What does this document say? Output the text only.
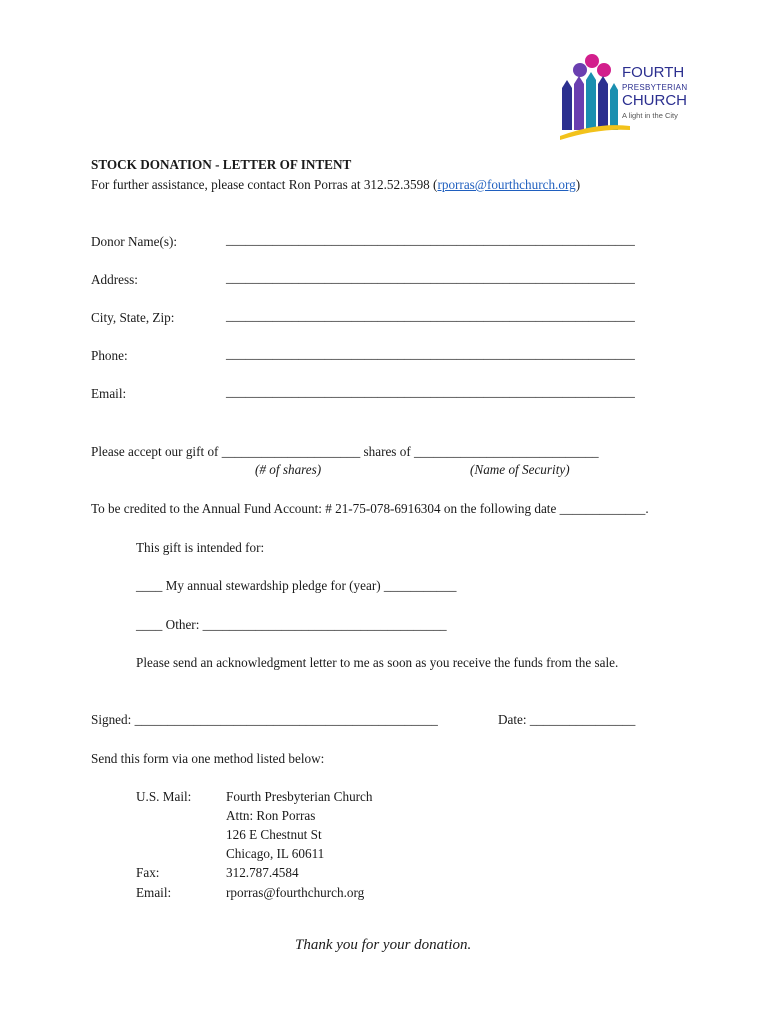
FOURTH
PRESBYTERIAN
CHURCH
A light in the City
STOCK DONATION - LETTER OF INTENT
For further assistance, please contact Ron Porras at 312.52.3598 (rporras@fourthchurch.org)
Donor Name(s):	______________________________________________________________
Address:	______________________________________________________________
City, State, Zip:	______________________________________________________________
Phone:	______________________________________________________________
Email:	______________________________________________________________
Please accept our gift of _____________________ shares of ____________________________
(# of shares)	(Name of Security)
To be credited to the Annual Fund Account: # 21-75-078-6916304 on the following date _____________.
This gift is intended for:
____ My annual stewardship pledge for (year) ___________
____ Other: _____________________________________
Please send an acknowledgment letter to me as soon as you receive the funds from the sale.
Signed: ______________________________________________	Date: ________________
Send this form via one method listed below:
U.S. Mail:	Fourth Presbyterian Church
Attn: Ron Porras
126 E Chestnut St
Chicago, IL 60611
Fax:	312.787.4584
Email:	rporras@fourthchurch.org
Thank you for your donation.
